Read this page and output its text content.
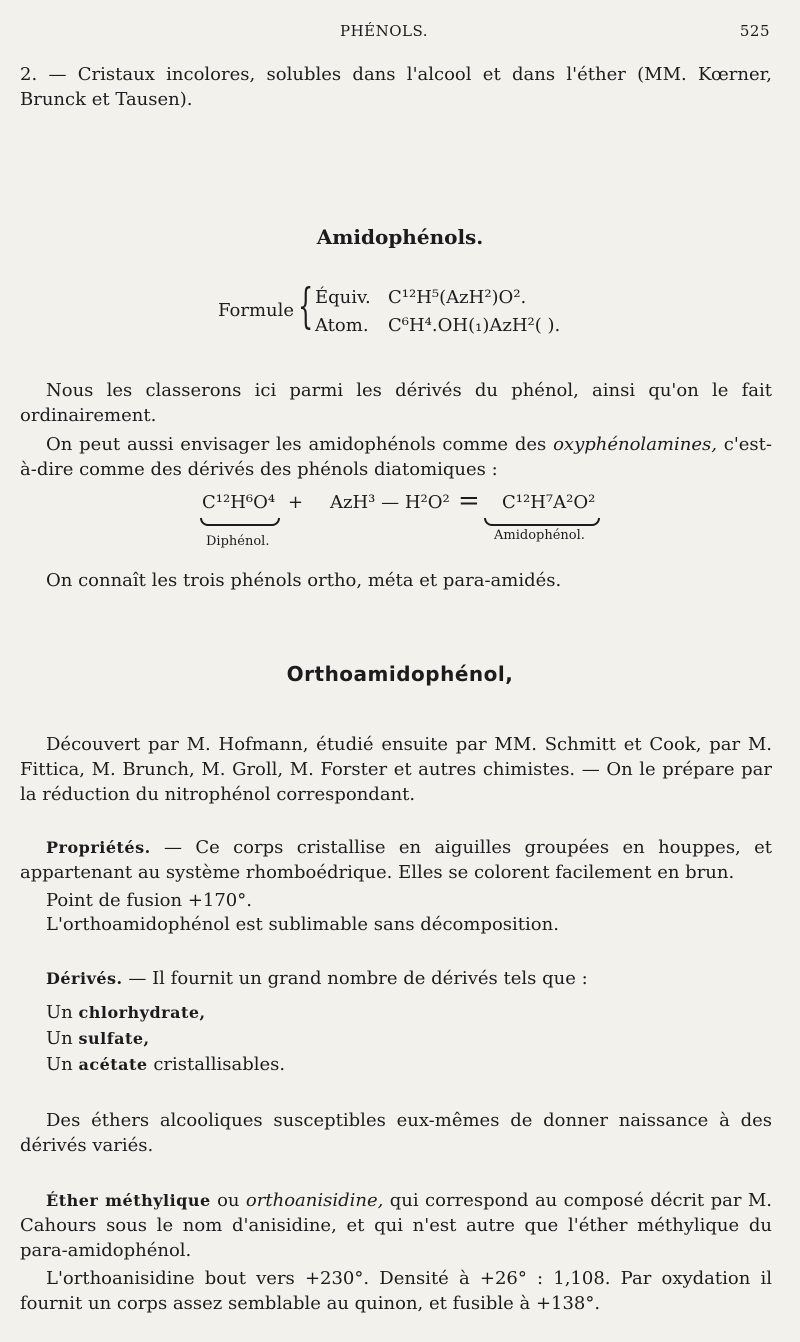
PHÉNOLS.	525
2. — Cristaux incolores, solubles dans l'alcool et dans l'éther (MM. Kœrner, Brunck et Tausen).
Amidophénols.
Formule { Équiv. C¹²H⁵(AzH²)O².
Atom. C⁶H⁴.OH(₁)AzH²( ).
Nous les classerons ici parmi les dérivés du phénol, ainsi qu'on le fait ordinairement.
On peut aussi envisager les amidophénols comme des oxyphénolamines, c'est-à-dire comme des dérivés des phénols diatomiques :
C¹²H⁶O⁴ + AzH³ — H²O² = C¹²H⁷A²O²
Diphénol.	Amidophénol.
On connaît les trois phénols ortho, méta et para-amidés.
Orthoamidophénol,
Découvert par M. Hofmann, étudié ensuite par MM. Schmitt et Cook, par M. Fittica, M. Brunch, M. Groll, M. Forster et autres chimistes. — On le prépare par la réduction du nitrophénol correspondant.
Propriétés. — Ce corps cristallise en aiguilles groupées en houppes, et appartenant au système rhomboédrique. Elles se colorent facilement en brun.
Point de fusion +170°.
L'orthoamidophénol est sublimable sans décomposition.
Dérivés. — Il fournit un grand nombre de dérivés tels que :
Un chlorhydrate,
Un sulfate,
Un acétate cristallisables.
Des éthers alcooliques susceptibles eux-mêmes de donner naissance à des dérivés variés.
Éther méthylique ou orthoanisidine, qui correspond au composé décrit par M. Cahours sous le nom d'anisidine, et qui n'est autre que l'éther méthylique du para-amidophénol.
L'orthoanisidine bout vers +230°. Densité à +26° : 1,108. Par oxydation il fournit un corps assez semblable au quinon, et fusible à +138°.
